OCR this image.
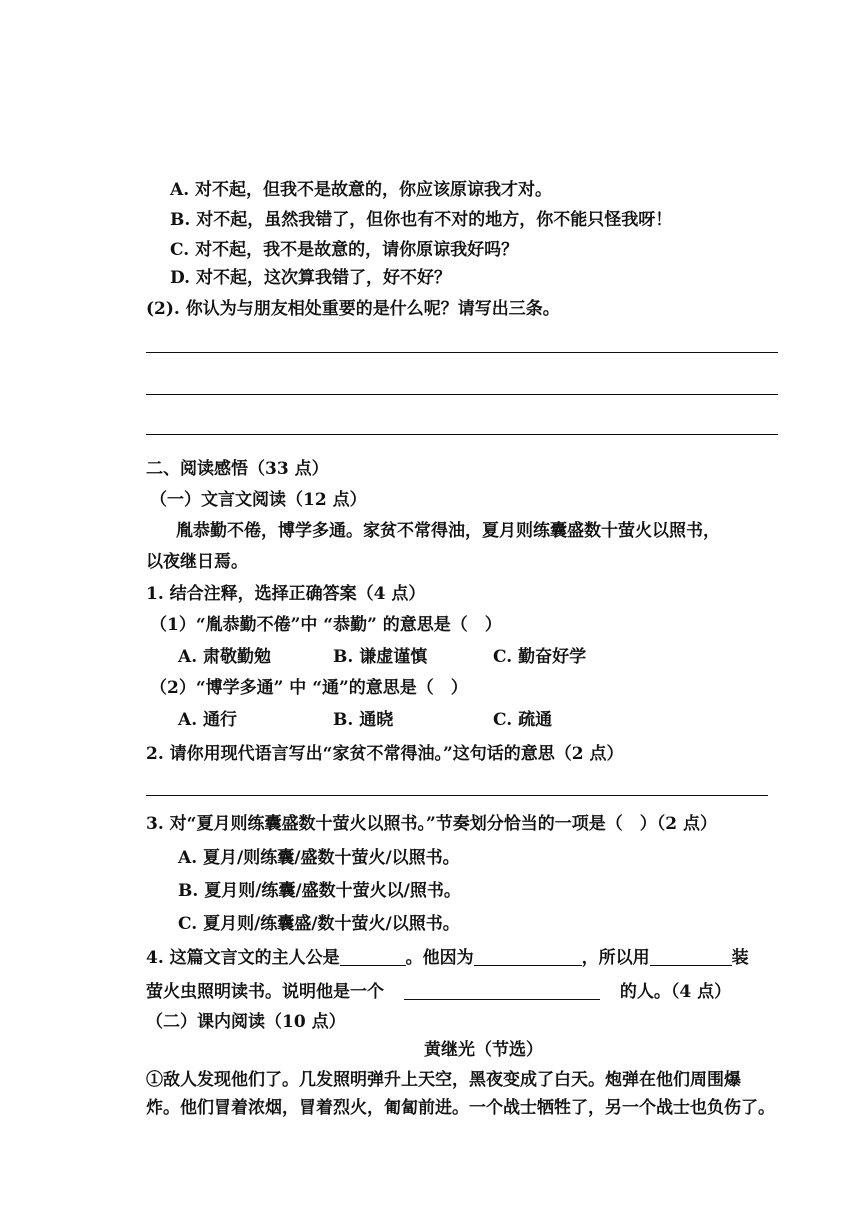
A. 对不起，但我不是故意的，你应该原谅我才对。
B. 对不起，虽然我错了，但你也有不对的地方，你不能只怪我呀！
C. 对不起，我不是故意的，请你原谅我好吗？
D. 对不起，这次算我错了，好不好？
(2). 你认为与朋友相处重要的是什么呢？请写出三条。
二、阅读感悟（33 点）
（一）文言文阅读（12 点）
胤恭勤不倦，博学多通。家贫不常得油，夏月则练囊盛数十萤火以照书，
以夜继日焉。
1. 结合注释，选择正确答案（4 点）
（1）“胤恭勤不倦”中 “恭勤” 的意思是（　）
A. 肃敬勤勉	B. 谦虚谨慎	C. 勤奋好学
（2）“博学多通” 中 “通”的意思是（　）
A. 通行	B. 通晓	C. 疏通
2. 请你用现代语言写出“家贫不常得油。”这句话的意思（2 点）
3. 对“夏月则练囊盛数十萤火以照书。”节奏划分恰当的一项是（　）（2 点）
A. 夏月/则练囊/盛数十萤火/以照书。
B. 夏月则/练囊/盛数十萤火以/照书。
C. 夏月则/练囊盛/数十萤火/以照书。
4. 这篇文言文的主人公是	。他因为	，所以用	装
萤火虫照明读书。说明他是一个	的人。（4 点）
（二）课内阅读（10 点）
黄继光（节选）
①敌人发现他们了。几发照明弹升上天空，黑夜变成了白天。炮弹在他们周围爆
炸。他们冒着浓烟，冒着烈火，匍匐前进。一个战士牺牲了，另一个战士也负伤了。
